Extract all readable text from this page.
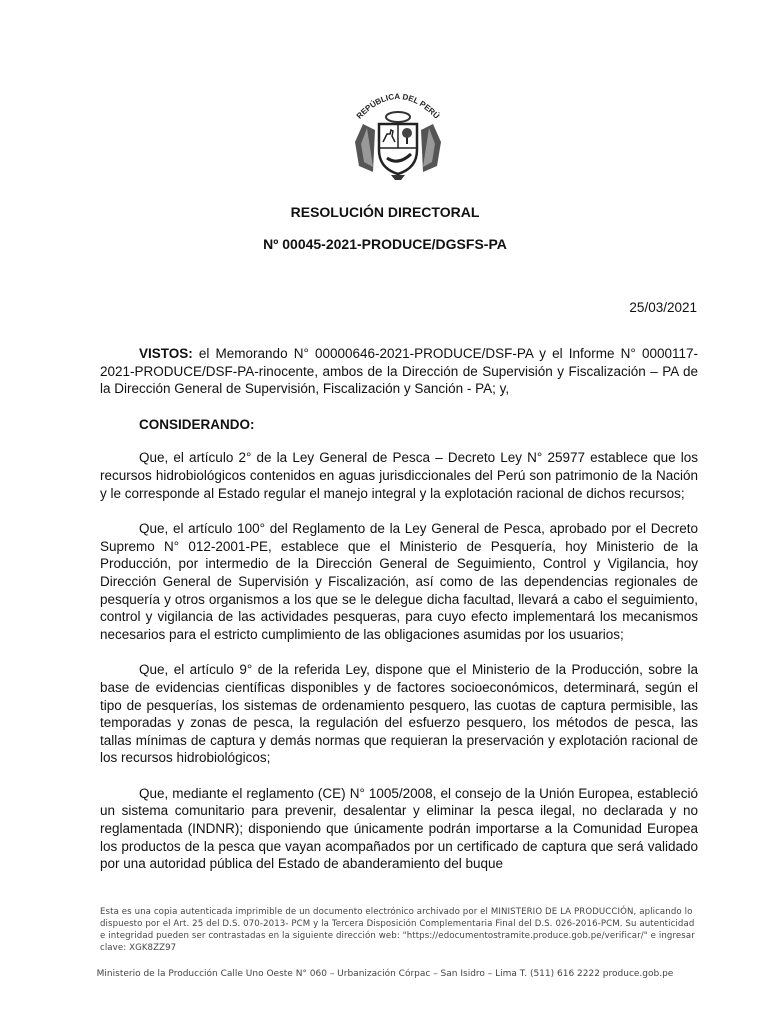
REPÚBLICA DEL PERÚ
RESOLUCIÓN DIRECTORAL
Nº 00045-2021-PRODUCE/DGSFS-PA
25/03/2021

VISTOS: el Memorando N° 00000646-2021-PRODUCE/DSF-PA y el Informe N° 0000117-2021-PRODUCE/DSF-PA-rinocente, ambos de la Dirección de Supervisión y Fiscalización – PA de la Dirección General de Supervisión, Fiscalización y Sanción - PA; y,

CONSIDERANDO:

Que, el artículo 2° de la Ley General de Pesca – Decreto Ley N° 25977 establece que los recursos hidrobiológicos contenidos en aguas jurisdiccionales del Perú son patrimonio de la Nación y le corresponde al Estado regular el manejo integral y la explotación racional de dichos recursos;

Que, el artículo 100° del Reglamento de la Ley General de Pesca, aprobado por el Decreto Supremo N° 012-2001-PE, establece que el Ministerio de Pesquería, hoy Ministerio de la Producción, por intermedio de la Dirección General de Seguimiento, Control y Vigilancia, hoy Dirección General de Supervisión y Fiscalización, así como de las dependencias regionales de pesquería y otros organismos a los que se le delegue dicha facultad, llevará a cabo el seguimiento, control y vigilancia de las actividades pesqueras, para cuyo efecto implementará los mecanismos necesarios para el estricto cumplimiento de las obligaciones asumidas por los usuarios;

Que, el artículo 9° de la referida Ley, dispone que el Ministerio de la Producción, sobre la base de evidencias científicas disponibles y de factores socioeconómicos, determinará, según el tipo de pesquerías, los sistemas de ordenamiento pesquero, las cuotas de captura permisible, las temporadas y zonas de pesca, la regulación del esfuerzo pesquero, los métodos de pesca, las tallas mínimas de captura y demás normas que requieran la preservación y explotación racional de los recursos hidrobiológicos;

Que, mediante el reglamento (CE) N° 1005/2008, el consejo de la Unión Europea, estableció un sistema comunitario para prevenir, desalentar y eliminar la pesca ilegal, no declarada y no reglamentada (INDNR); disponiendo que únicamente podrán importarse a la Comunidad Europea los productos de la pesca que vayan acompañados por un certificado de captura que será validado por una autoridad pública del Estado de abanderamiento del buque

Esta es una copia autenticada imprimible de un documento electrónico archivado por el MINISTERIO DE LA PRODUCCIÓN, aplicando lo dispuesto por el Art. 25 del D.S. 070-2013- PCM y la Tercera Disposición Complementaria Final del D.S. 026-2016-PCM. Su autenticidad e integridad pueden ser contrastadas en la siguiente dirección web: "https://edocumentostramite.produce.gob.pe/verificar/" e ingresar clave: XGK8ZZ97
Ministerio de la Producción Calle Uno Oeste N° 060 – Urbanización Córpac – San Isidro – Lima T. (511) 616 2222 produce.gob.pe
